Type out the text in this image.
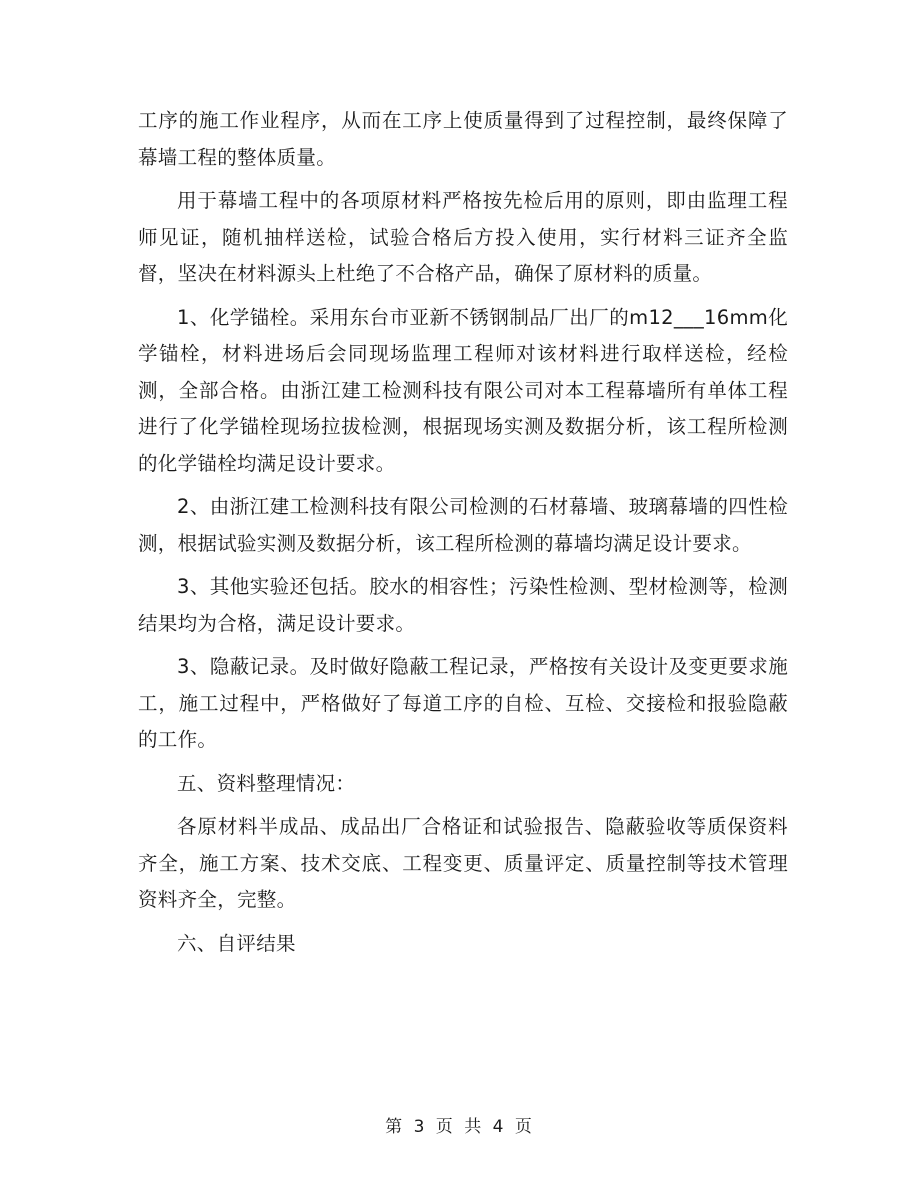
工序的施工作业程序，从而在工序上使质量得到了过程控制，最终保障了幕墙工程的整体质量。

用于幕墙工程中的各项原材料严格按先检后用的原则，即由监理工程师见证，随机抽样送检，试验合格后方投入使用，实行材料三证齐全监督，坚决在材料源头上杜绝了不合格产品，确保了原材料的质量。

1、化学锚栓。采用东台市亚新不锈钢制品厂出厂的m12___16mm化学锚栓，材料进场后会同现场监理工程师对该材料进行取样送检，经检测，全部合格。由浙江建工检测科技有限公司对本工程幕墙所有单体工程进行了化学锚栓现场拉拔检测，根据现场实测及数据分析，该工程所检测的化学锚栓均满足设计要求。

2、由浙江建工检测科技有限公司检测的石材幕墙、玻璃幕墙的四性检测，根据试验实测及数据分析，该工程所检测的幕墙均满足设计要求。

3、其他实验还包括。胶水的相容性；污染性检测、型材检测等，检测结果均为合格，满足设计要求。

3、隐蔽记录。及时做好隐蔽工程记录，严格按有关设计及变更要求施工，施工过程中，严格做好了每道工序的自检、互检、交接检和报验隐蔽的工作。

五、资料整理情况：

各原材料半成品、成品出厂合格证和试验报告、隐蔽验收等质保资料齐全，施工方案、技术交底、工程变更、质量评定、质量控制等技术管理资料齐全，完整。

六、自评结果

第 3 页 共 4 页
